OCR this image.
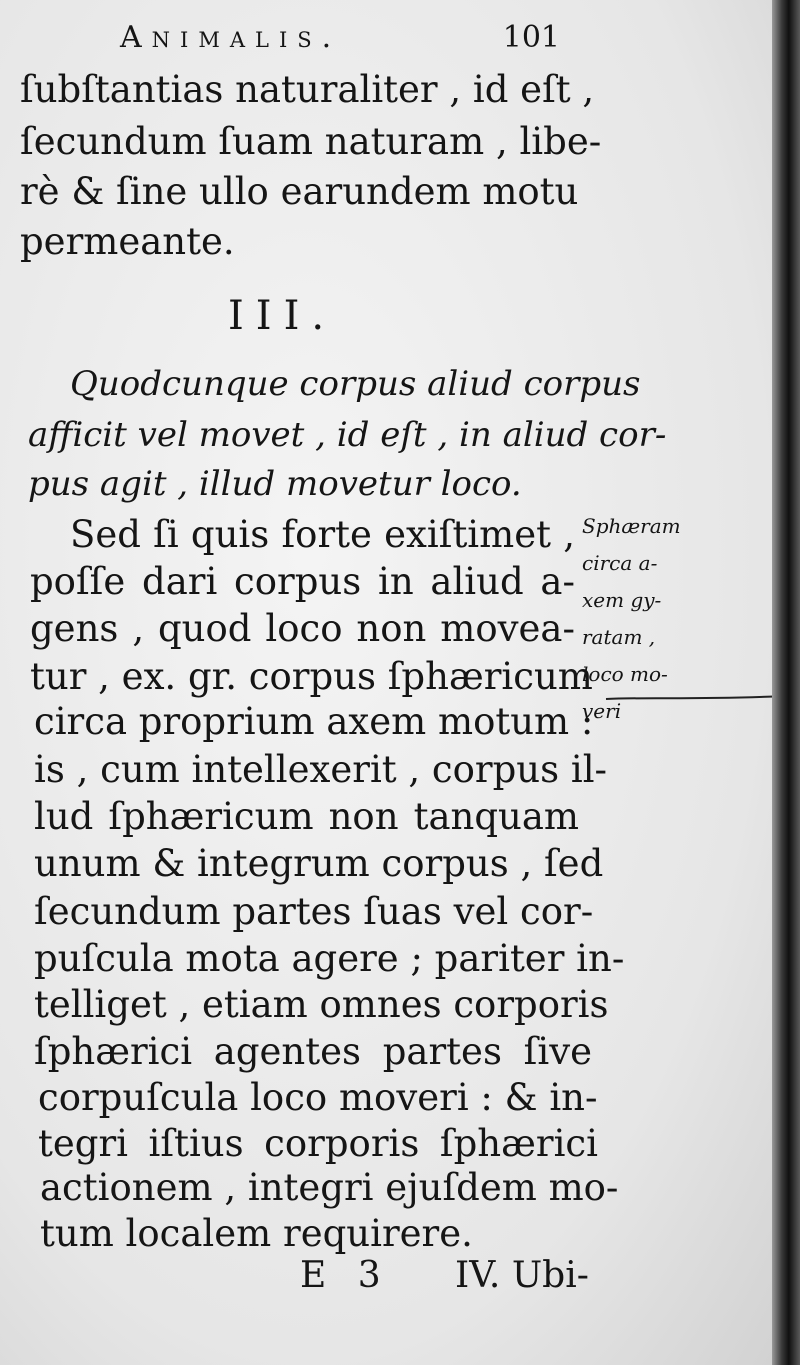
Animalis.	101
ſubſtantias naturaliter , id eſt ,
ſecundum ſuam naturam , libe-
rè & ſine ullo earundem motu
permeante.
III.
Quodcunque corpus aliud corpus
afficit vel movet , id eſt , in aliud cor-
pus agit , illud movetur loco.
Sed ſi quis forte exiſtimet ,
poſſe dari corpus in aliud a-
gens , quod loco non movea-
tur , ex. gr. corpus ſphæricum
circa proprium axem motum :
is , cum intellexerit , corpus il-
lud ſphæricum non tanquam
unum & integrum corpus , ſed
ſecundum partes ſuas vel cor-
puſcula mota agere ; pariter in-
telliget , etiam omnes corporis
ſphærici agentes partes ſive
corpuſcula loco moveri : & in-
tegri iſtius corporis ſphærici
actionem , integri ejuſdem mo-
tum localem requirere.
Sphæram
circa a-
xem gy-
ratam ,
loco mo-
veri
E 3 IV. Ubi-
